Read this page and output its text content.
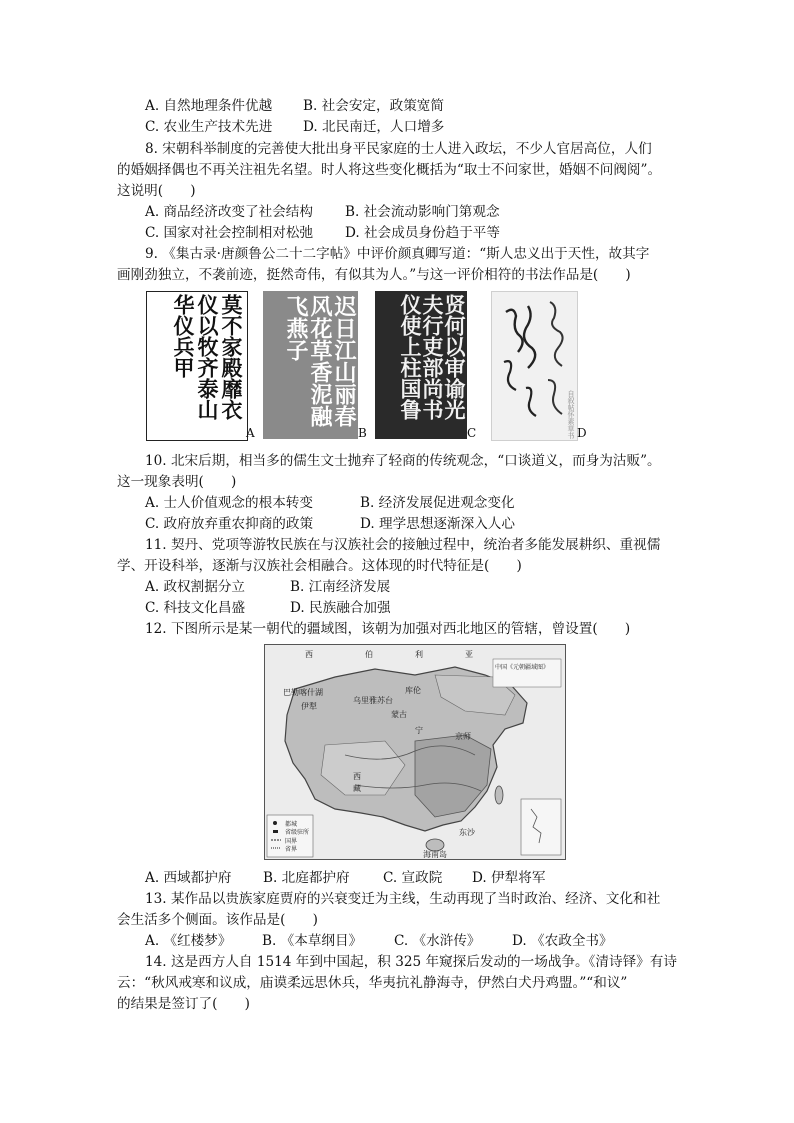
A. 自然地理条件优越 B. 社会安定，政策宽简
C. 农业生产技术先进 D. 北民南迁，人口增多
8. 宋朝科举制度的完善使大批出身平民家庭的士人进入政坛，不少人官居高位，人们
的婚姻择偶也不再关注祖先名望。时人将这些变化概括为“取士不问家世，婚姻不问阀阅”。
这说明(　　)
A. 商品经济改变了社会结构 B. 社会流动影响门第观念
C. 国家对社会控制相对松弛 D. 社会成员身份趋于平等
9. 《集古录·唐颜鲁公二十二字帖》中评价颜真卿写道：“斯人忠义出于天性，故其字
画刚劲独立，不袭前迹，挺然奇伟，有似其为人。”与这一评价相符的书法作品是(　　)
莫不家殿靡衣仪以牧齐泰山华仪兵甲
A
迟日江山丽春风花草香泥融飞燕子
B
贤何以审谕光夫行吏部尚书仪使上柱国鲁
C	自叙帖怀素草书 D
10. 北宋后期，相当多的儒生文士抛弃了轻商的传统观念，“口谈道义，而身为沽贩”。
这一现象表明(　　)
A. 士人价值观念的根本转变	B. 经济发展促进观念变化
C. 政府放弃重农抑商的政策	D. 理学思想逐渐深入人心
11. 契丹、党项等游牧民族在与汉族社会的接触过程中，统治者多能发展耕织、重视儒
学、开设科举，逐渐与汉族社会相融合。这体现的时代特征是(　　)
A. 政权割据分立	B. 江南经济发展
C. 科技文化昌盛	D. 民族融合加强
12. 下图所示是某一朝代的疆域图，该朝为加强对西北地区的管辖，曾设置(　　)
西	伯	利	亚
中国《元朝疆域图》
巴勒喀什湖
伊犁
库伦
乌里雅苏台
蒙古
宁
京师
西
藏
东沙
海南岛
都城
省级驻所
国界
省界
A. 西域都护府 B. 北庭都护府 C. 宣政院 D. 伊犁将军
13. 某作品以贵族家庭贾府的兴衰变迁为主线，生动再现了当时政治、经济、文化和社
会生活多个侧面。该作品是(　　)
A. 《红楼梦》 B. 《本草纲目》 C. 《水浒传》 D. 《农政全书》
14. 这是西方人自 1514 年到中国起，积 325 年窥探后发动的一场战争。《清诗铎》有诗
云：“秋风戒寒和议成，庙谟柔远思休兵，华夷抗礼静海寺，伊然白犬丹鸡盟。”“和议”
的结果是签订了(　　)
